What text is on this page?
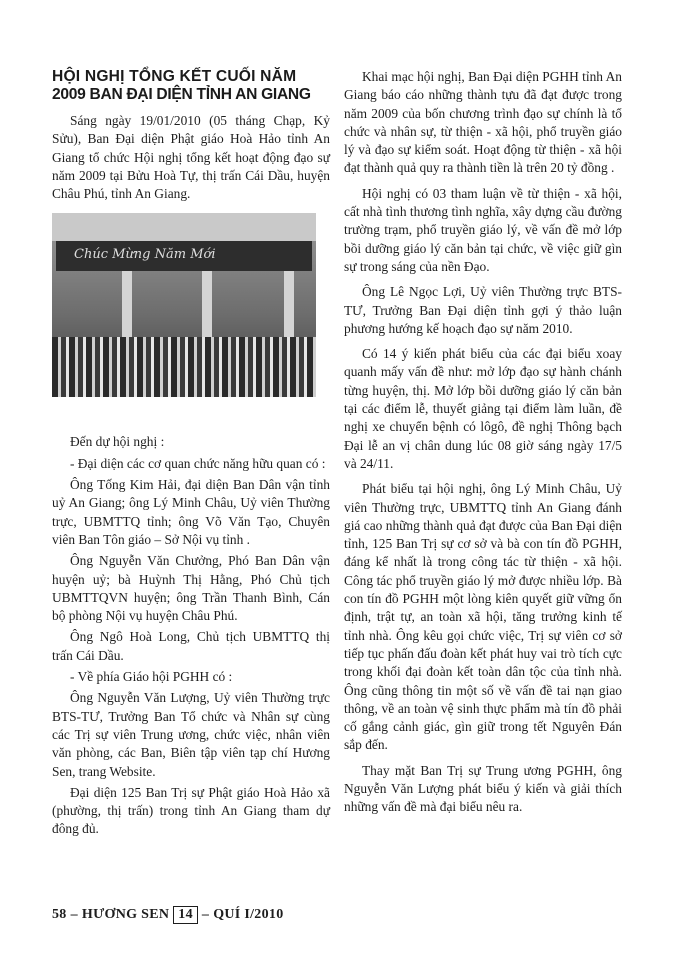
HỘI NGHỊ TỔNG KẾT CUỐI NĂM
2009 BAN ĐẠI DIỆN TỈNH AN GIANG

Sáng ngày 19/01/2010 (05 tháng Chạp, Kỷ Sửu), Ban Đại diện Phật giáo Hoà Hảo tỉnh An Giang tổ chức Hội nghị tổng kết hoạt động đạo sự năm 2009 tại Bửu Hoà Tự, thị trấn Cái Dầu, huyện Châu Phú, tỉnh An Giang.

Chúc Mừng Năm Mới

Đến dự hội nghị :

- Đại diện các cơ quan chức năng hữu quan có :

Ông Tống Kim Hải, đại diện Ban Dân vận tỉnh uỷ An Giang; ông Lý Minh Châu, Uỷ viên Thường trực, UBMTTQ tỉnh; ông Võ Văn Tạo, Chuyên viên Ban Tôn giáo – Sở Nội vụ tỉnh .

Ông Nguyễn Văn Chưởng, Phó Ban Dân vận huyện uỷ; bà Huỳnh Thị Hằng, Phó Chủ tịch UBMTTQVN huyện; ông Trần Thanh Bình, Cán bộ phòng Nội vụ huyện Châu Phú.

Ông Ngô Hoà Long, Chủ tịch UBMTTQ thị trấn Cái Dầu.

- Về phía Giáo hội PGHH có :

Ông Nguyễn Văn Lượng, Uỷ viên Thường trực BTS-TƯ, Trưởng Ban Tổ chức và Nhân sự cùng các Trị sự viên Trung ương, chức việc, nhân viên văn phòng, các Ban, Biên tập viên tạp chí Hương Sen, trang Website.

Đại diện 125 Ban Trị sự Phật giáo Hoà Hảo xã (phường, thị trấn) trong tỉnh An Giang tham dự đông đủ.

Khai mạc hội nghị, Ban Đại diện PGHH tỉnh An Giang báo cáo những thành tựu đã đạt được trong năm 2009 của bốn chương trình đạo sự chính là tổ chức và nhân sự, từ thiện - xã hội, phổ truyền giáo lý và đạo sự kiểm soát. Hoạt động từ thiện - xã hội đạt thành quả quy ra thành tiền là trên 20 tỷ đồng .

Hội nghị có 03 tham luận về từ thiện - xã hội, cất nhà tình thương tình nghĩa, xây dựng cầu đường trường trạm, phổ truyền giáo lý, về vấn đề mở lớp bồi dưỡng giáo lý căn bản tại chức, về việc giữ gìn sự trong sáng của nền Đạo.

Ông Lê Ngọc Lợi, Uỷ viên Thường trực BTS-TƯ, Trưởng Ban Đại diện tỉnh gợi ý thảo luận phương hướng kế hoạch đạo sự năm 2010.

Có 14 ý kiến phát biểu của các đại biểu xoay quanh mấy vấn đề như: mở lớp đạo sự hành chánh từng huyện, thị. Mở lớp bồi dưỡng giáo lý căn bản tại các điểm lễ, thuyết giảng tại điểm làm luần, đề nghị xe chuyển bệnh có lôgô, đề nghị Thông bạch Đại lễ an vị chân dung lúc 08 giờ sáng ngày 17/5 và 24/11.

Phát biểu tại hội nghị, ông Lý Minh Châu, Uỷ viên Thường trực, UBMTTQ tỉnh An Giang đánh giá cao những thành quả đạt được của Ban Đại diện tỉnh, 125 Ban Trị sự cơ sở và bà con tín đồ PGHH, đáng kể nhất là trong công tác từ thiện - xã hội. Công tác phổ truyền giáo lý mở được nhiều lớp. Bà con tín đồ PGHH một lòng kiên quyết giữ vững ổn định, trật tự, an toàn xã hội, tăng trưởng kinh tế tỉnh nhà. Ông kêu gọi chức việc, Trị sự viên cơ sở tiếp tục phấn đấu đoàn kết phát huy vai trò tích cực trong khối đại đoàn kết toàn dân tộc của tỉnh nhà. Ông cũng thông tin một số về vấn đề tai nạn giao thông, về an toàn vệ sinh thực phẩm mà tín đồ phải cố gắng cảnh giác, gìn giữ trong tết Nguyên Đán sắp đến.

Thay mặt Ban Trị sự Trung ương PGHH, ông Nguyễn Văn Lượng phát biểu ý kiến và giải thích những vấn đề mà đại biểu nêu ra.

58 – HƯƠNG SEN 14 – QUÍ I/2010
